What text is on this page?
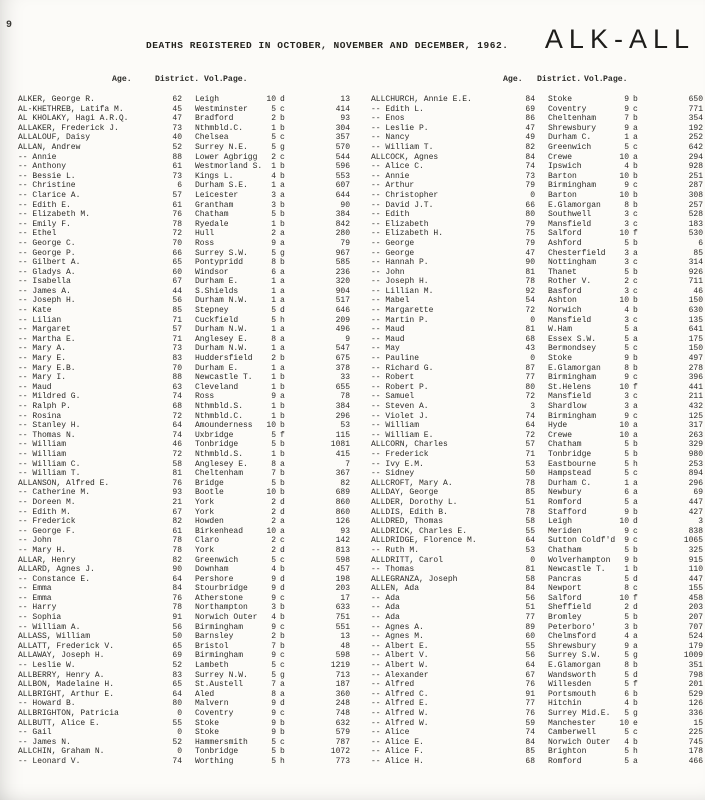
9
DEATHS REGISTERED IN OCTOBER, NOVEMBER AND DECEMBER, 1962. ALK-ALL
Age.	District. Vol. Page.	Age. District. Vol. Page.
ALKER, George R.	62 Leigh	10 d	13
AL-KHETHREB, Latifa M.	45 Westminster	5 c	414
AL KHOLAKY, Hagi A.R.Q.	47 Bradford	2 b	93
ALLAKER, Frederick J.	73 Nthmbld.C.	1 b	304
ALLALOUF, Daisy	40 Chelsea	5 c	357
ALLAN, Andrew	52 Surrey N.E.	5 g	570
-- Annie	88 Lower Agbrigg	2 c	544
-- Anthony	61 Westmorland S.	1 b	596
-- Bessie L.	73 Kings L.	4 b	553
-- Christine	6 Durham S.E.	1 a	607
-- Clarice A.	57 Leicester	3 a	644
-- Edith E.	61 Grantham	3 b	90
-- Elizabeth M.	76 Chatham	5 b	384
-- Emily F.	78 Ryedale	1 b	842
-- Ethel	72 Hull	2 a	280
-- George C.	70 Ross	9 a	79
-- George P.	66 Surrey S.W.	5 g	967
-- Gilbert A.	65 Pontypridd	8 b	585
-- Gladys A.	60 Windsor	6 a	236
-- Isabella	67 Durham E.	1 a	320
-- James A.	44 S.Shields	1 a	904
-- Joseph H.	56 Durham N.W.	1 a	517
-- Kate	85 Stepney	5 d	646
-- Lilian	71 Cuckfield	5 h	209
-- Margaret	57 Durham N.W.	1 a	496
-- Martha E.	71 Anglesey E.	8 a	9
-- Mary A.	73 Durham N.W.	1 a	547
-- Mary E.	83 Huddersfield	2 b	675
-- Mary E.B.	70 Durham E.	1 a	378
-- Mary I.	88 Newcastle T.	1 b	33
-- Maud	63 Cleveland	1 b	655
-- Mildred G.	74 Ross	9 a	78
-- Ralph P.	68 Nthmbld.S.	1 b	384
-- Rosina	72 Nthmbld.C.	1 b	296
-- Stanley H.	64 Amounderness	10 b	53
-- Thomas N.	74 Uxbridge	5 f	115
-- William	46 Tonbridge	5 b	1081
-- William	72 Nthmbld.S.	1 b	415
-- William C.	58 Anglesey E.	8 a	7
-- William T.	81 Cheltenham	7 b	367
ALLANSON, Alfred E.	76 Bridge	5 b	82
-- Catherine M.	93 Bootle	10 b	689
-- Doreen M.	21 York	2 d	860
-- Edith M.	67 York	2 d	860
-- Frederick	82 Howden	2 a	126
-- George F.	61 Birkenhead	10 a	93
-- John	78 Claro	2 c	142
-- Mary H.	78 York	2 d	813
ALLAR, Henry	82 Greenwich	5 c	598
ALLARD, Agnes J.	90 Downham	4 b	457
-- Constance E.	64 Pershore	9 d	198
-- Emma	84 Stourbridge	9 d	203
-- Emma	76 Atherstone	9 c	17
-- Harry	78 Northampton	3 b	633
-- Sophia	91 Norwich Outer	4 b	751
-- William A.	56 Birmingham	9 c	551
ALLASS, William	50 Barnsley	2 b	13
ALLATT, Frederick V.	65 Bristol	7 b	48
ALLAWAY, Joseph H.	69 Birmingham	9 c	598
-- Leslie W.	52 Lambeth	5 c	1219
ALLBERRY, Henry A.	83 Surrey N.W.	5 g	713
ALLBON, Madelaine H.	65 St.Austell	7 a	187
ALLBRIGHT, Arthur E.	64 Aled	8 a	360
-- Howard B.	80 Malvern	9 d	248
ALLBRIGHTON, Patricia	0 Coventry	9 c	748
ALLBUTT, Alice E.	55 Stoke	9 b	632
-- Gail	0 Stoke	9 b	579
-- James N.	52 Hammersmith	5 c	787
ALLCHIN, Graham N.	0 Tonbridge	5 b	1072
-- Leonard V.	74 Worthing	5 h	773
ALLCHURCH, Annie E.E.	84 Stoke	9 b	650
-- Edith L.	69 Coventry	9 c	771
-- Enos	86 Cheltenham	7 b	354
-- Leslie P.	47 Shrewsbury	9 a	192
-- Nancy	49 Durham C.	1 a	252
-- William T.	82 Greenwich	5 c	642
ALLCOCK, Agnes	84 Crewe	10 a	294
-- Alice C.	74 Ipswich	4 b	928
-- Annie	73 Barton	10 b	251
-- Arthur	79 Birmingham	9 c	287
-- Christopher	0 Barton	10 b	308
-- David J.T.	66 E.Glamorgan	8 b	257
-- Edith	80 Southwell	3 c	528
-- Elizabeth	79 Mansfield	3 c	183
-- Elizabeth H.	75 Salford	10 f	530
-- George	79 Ashford	5 b	6
-- George	47 Chesterfield	3 a	85
-- Hannah P.	90 Nottingham	3 c	314
-- John	81 Thanet	5 b	926
-- Joseph H.	78 Rother V.	2 c	711
-- Lillian M.	92 Basford	3 c	46
-- Mabel	54 Ashton	10 b	150
-- Margarette	72 Norwich	4 b	630
-- Martin P.	0 Mansfield	3 c	135
-- Maud	81 W.Ham	5 a	641
-- Maud	68 Essex S.W.	5 a	175
-- May	43 Bermondsey	5 c	150
-- Pauline	0 Stoke	9 b	497
-- Richard G.	87 E.Glamorgan	8 b	278
-- Robert	77 Birmingham	9 c	396
-- Robert P.	80 St.Helens	10 f	441
-- Samuel	72 Mansfield	3 c	211
-- Steven A.	3 Shardlow	3 a	432
-- Violet J.	74 Birmingham	9 c	125
-- William	64 Hyde	10 a	317
-- William E.	72 Crewe	10 a	263
ALLCORN, Charles	57 Chatham	5 b	329
-- Frederick	71 Tonbridge	5 b	980
-- Ivy E.M.	53 Eastbourne	5 h	253
-- Sidney	50 Hampstead	5 c	894
ALLCROFT, Mary A.	78 Durham C.	1 a	296
ALLDAY, George	85 Newbury	6 a	69
ALLDER, Dorothy L.	51 Romford	5 a	447
ALLDIS, Edith B.	78 Stafford	9 b	427
ALLDRED, Thomas	58 Leigh	10 d	3
ALLDRICK, Charles E.	55 Meriden	9 c	838
ALLDRIDGE, Florence M.	64 Sutton Coldf'd	9 c	1065
-- Ruth M.	53 Chatham	5 b	325
ALLDRITT, Carol	0 Wolverhampton	9 b	915
-- Thomas	81 Newcastle T.	1 b	110
ALLEGRANZA, Joseph	58 Pancras	5 d	447
ALLEN, Ada	84 Newport	8 c	155
-- Ada	56 Salford	10 f	458
-- Ada	51 Sheffield	2 d	203
-- Ada	77 Bromley	5 b	207
-- Agnes A.	89 Peterboro'	3 b	707
-- Agnes M.	60 Chelmsford	4 a	524
-- Albert E.	55 Shrewsbury	9 a	179
-- Albert V.	56 Surrey S.W.	5 g	1009
-- Albert W.	64 E.Glamorgan	8 b	351
-- Alexander	67 Wandsworth	5 d	798
-- Alfred	76 Willesden	5 f	201
-- Alfred C.	91 Portsmouth	6 b	529
-- Alfred E.	77 Hitchin	4 b	126
-- Alfred W.	76 Surrey Mid.E.	5 g	336
-- Alfred W.	59 Manchester	10 e	15
-- Alice	74 Camberwell	5 c	225
-- Alice E.	84 Norwich Outer	4 b	745
-- Alice F.	85 Brighton	5 h	178
-- Alice H.	68 Romford	5 a	466
